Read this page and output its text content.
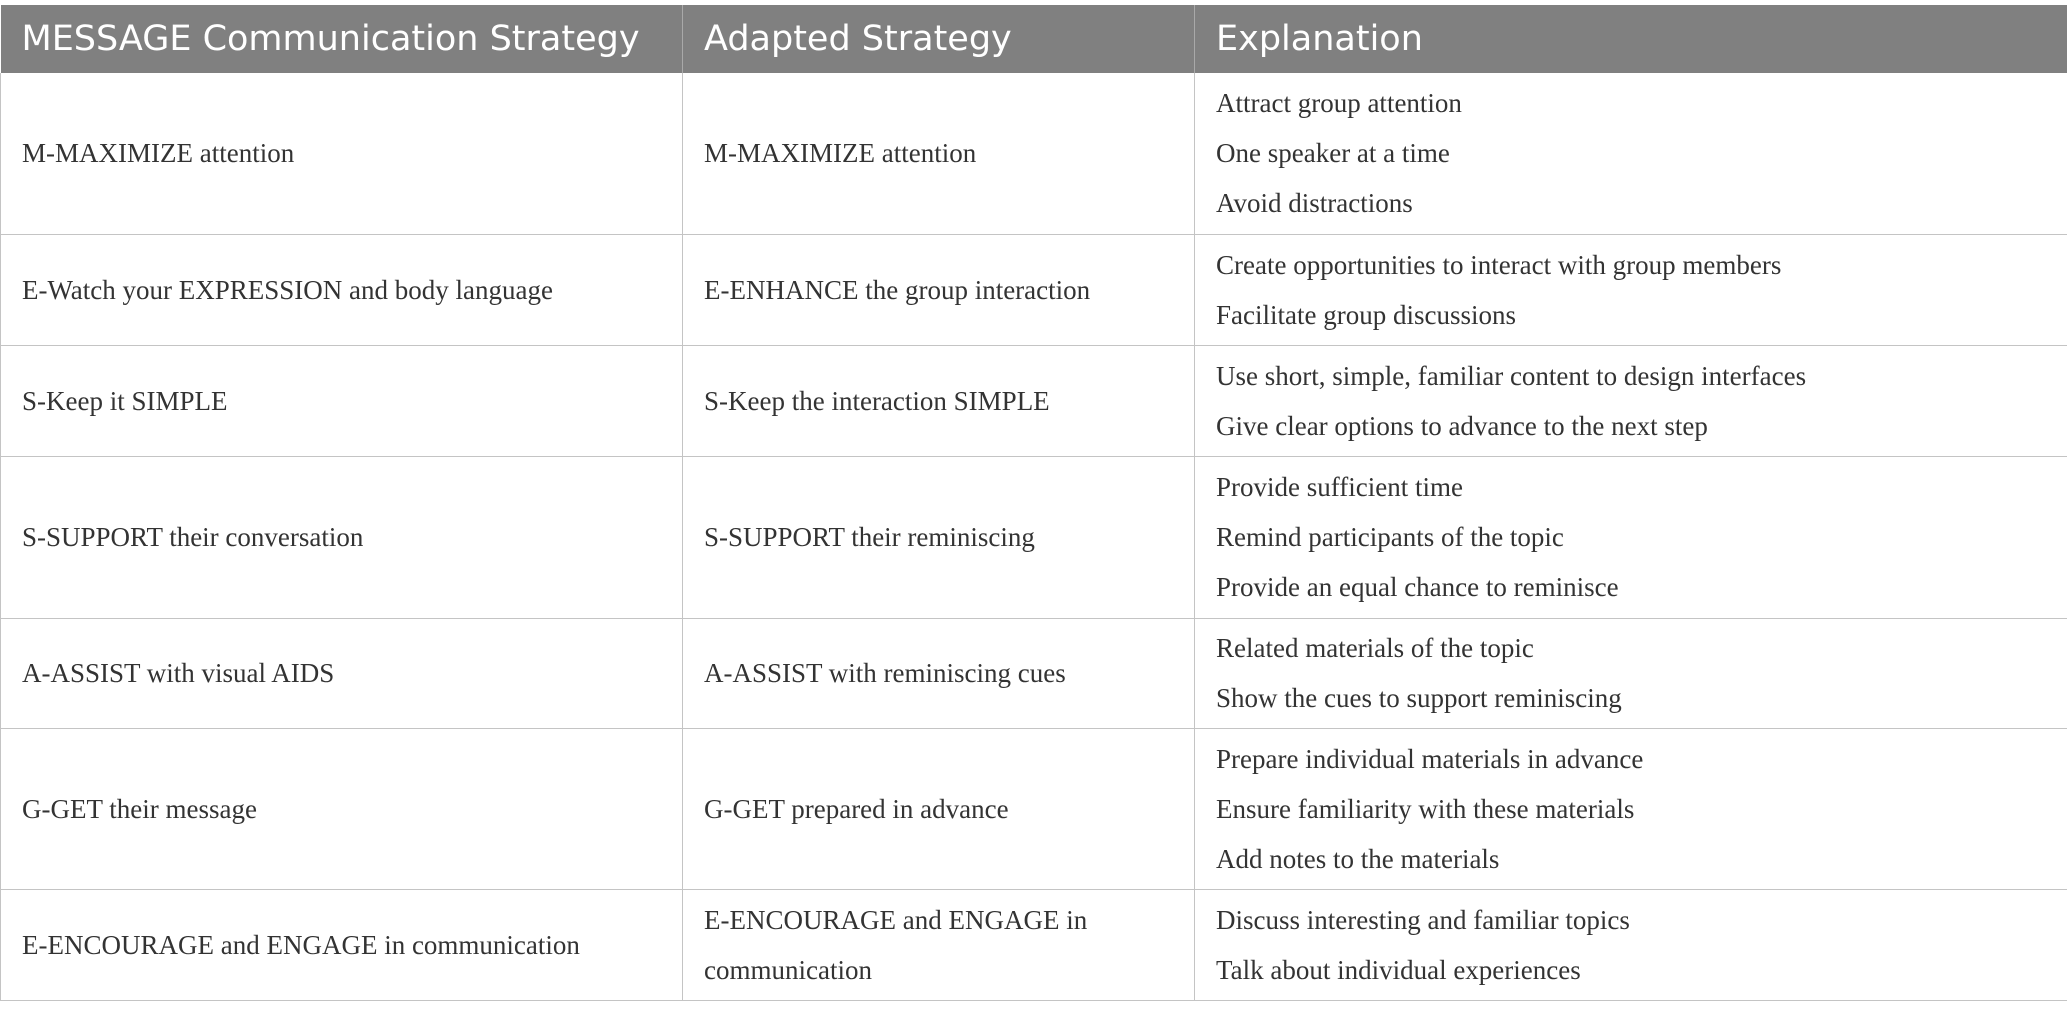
MESSAGE Communication Strategy	Adapted Strategy	Explanation
M-MAXIMIZE attention	M-MAXIMIZE attention	Attract group attention
One speaker at a time
Avoid distractions

E-Watch your EXPRESSION and body language	E-ENHANCE the group interaction	Create opportunities to interact with group members
Facilitate group discussions

S-Keep it SIMPLE	S-Keep the interaction SIMPLE	Use short, simple, familiar content to design interfaces
Give clear options to advance to the next step

S-SUPPORT their conversation	S-SUPPORT their reminiscing	Provide sufficient time
Remind participants of the topic
Provide an equal chance to reminisce

A-ASSIST with visual AIDS	A-ASSIST with reminiscing cues	Related materials of the topic
Show the cues to support reminiscing

G-GET their message	G-GET prepared in advance	Prepare individual materials in advance
Ensure familiarity with these materials
Add notes to the materials

E-ENCOURAGE and ENGAGE in communication	E-ENCOURAGE and ENGAGE in communication	Discuss interesting and familiar topics
Talk about individual experiences
